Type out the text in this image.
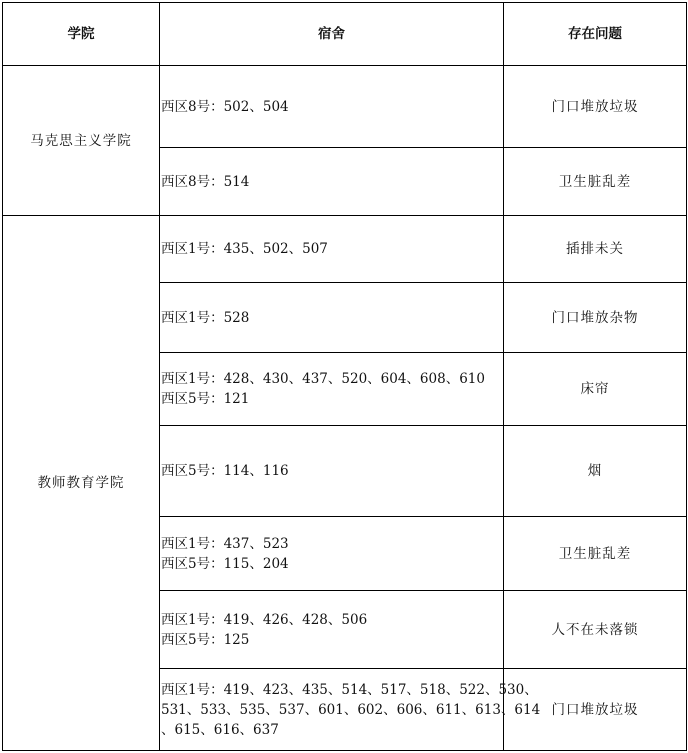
学院	宿舍	存在问题
马克思主义学院	西区8号：502、504	门口堆放垃圾

	西区8号：514	卫生脏乱差
教师教育学院	西区1号：435、502、507	插排未关

	西区1号：528	门口堆放杂物

	西区1号：428、430、437、520、604、608、610
西区5号：121	床帘

	西区5号：114、116	烟

	西区1号：437、523
西区5号：115、204	卫生脏乱差

	西区1号：419、426、428、506
西区5号：125	人不在未落锁

	西区1号：419、423、435、514、517、518、522、530、
531、533、535、537、601、602、606、611、613、614
、615、616、637	门口堆放垃圾
